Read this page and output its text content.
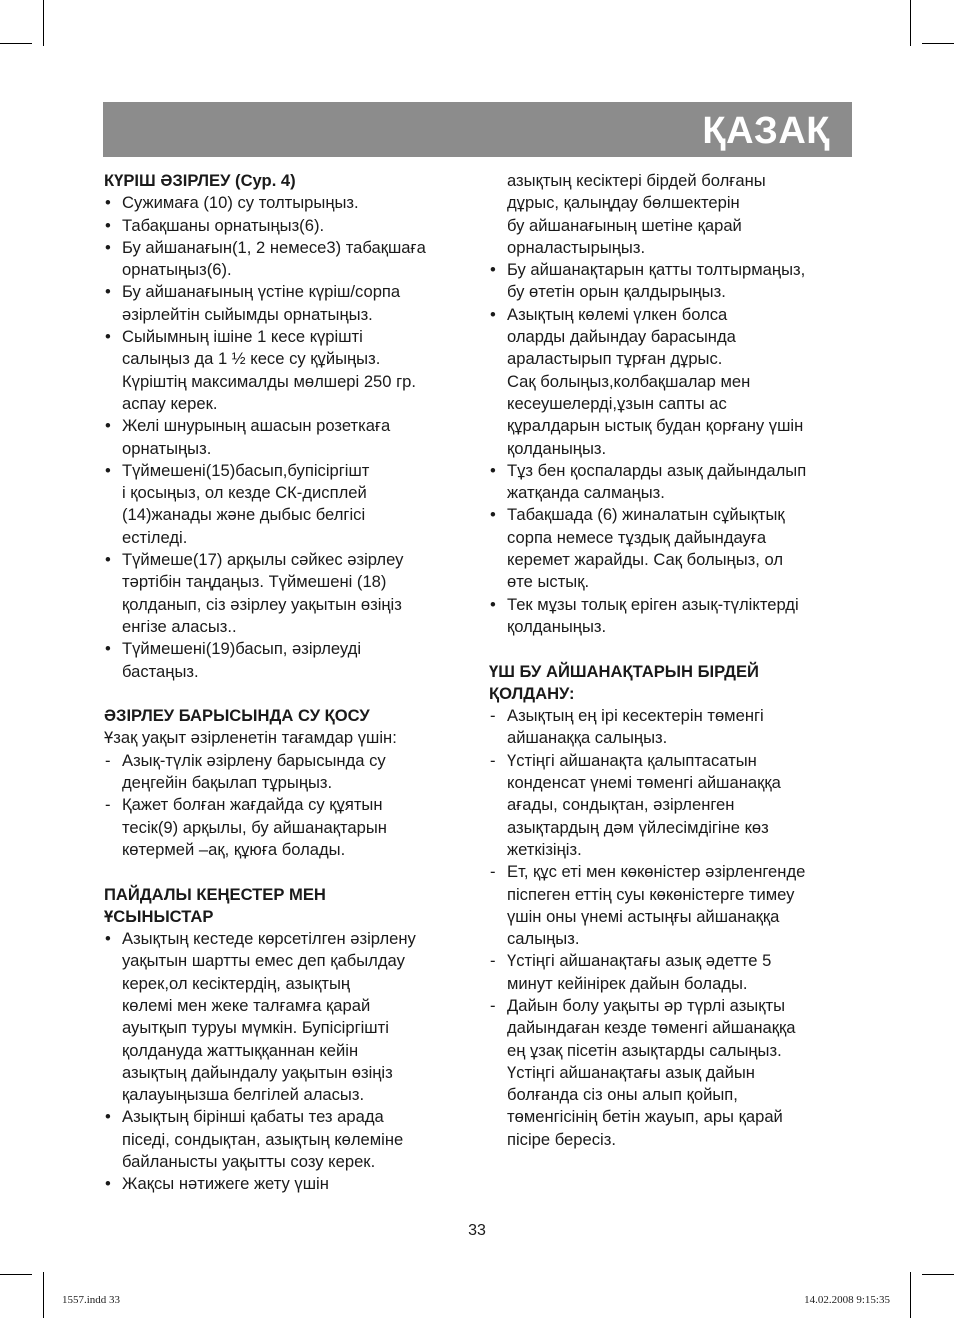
ҚАЗАҚ

КҮРІШ ӘЗІРЛЕУ (Сур. 4)

• Сужимаға (10) су толтырыңыз.
• Табақшаны орнатыңыз(6).
• Бу айшанағын(1, 2 немесе3) табақшаға
орнатыңыз(6).
• Бу айшанағының үстіне күріш/сорпа
әзірлейтін сыйымды орнатыңыз.
• Сыйымның ішіне 1 кесе күрішті
салыңыз да 1 ½ кесе су құйыңыз.
Күріштің максималды мөлшері 250 гр.
аспау керек.
• Желі шнурының ашасын розеткаға
орнатыңыз.
• Түймешені(15)басып,бупісіргішт
і қосыңыз, ол кезде СК-дисплей
(14)жанады және дыбыс белгісі
естіледі.
• Түймеше(17) арқылы сәйкес әзірлеу
тәртібін таңдаңыз. Түймешені (18)
қолданып, сіз әзірлеу уақытын өзіңіз
енгізе аласыз..
• Түймешені(19)басып, әзірлеуді
бастаңыз.

ӘЗІРЛЕУ БАРЫСЫНДА СУ ҚОСУ

Ұзақ уақыт әзірленетін тағамдар үшін:

- Азық-түлік әзірлену барысында су
деңгейін бақылап тұрыңыз.
- Қажет болған жағдайда су құятын
тесік(9) арқылы, бу айшанақтарын
көтермей –ақ, құюға болады.

ПАЙДАЛЫ КЕҢЕСТЕР МЕН
ҰСЫНЫСТАР

• Азықтың кестеде көрсетілген әзірлену
уақытын шартты емес деп қабылдау
керек,ол кесіктердің, азықтың
көлемі мен жеке талғамға қарай
ауытқып туруы мүмкін. Бупісіргішті
қолдануда жаттыққаннан кейін
азықтың дайындалу уақытын өзіңіз
қалауыңызша белгілей аласыз.
• Азықтың бірінші қабаты тез арада
піседі, сондықтан, азықтың көлеміне
байланысты уақытты созу керек.
• Жақсы нәтижеге жету үшін
азықтың кесіктері бірдей болғаны
дұрыс, қалыңдау бөлшектерін
бу айшанағының шетіне қарай
орналастырыңыз.
• Бу айшанақтарын қатты толтырмаңыз,
бу өтетін орын қалдырыңыз.
• Азықтың көлемі үлкен болса
оларды дайындау барасында
араластырып тұрған дұрыс.
Сақ болыңыз,колбақшалар мен
кесеушелерді,ұзын сапты ас
құралдарын ыстық будан қорғану үшін
қолданыңыз.
• Тұз бен қоспаларды азық дайындалып
жатқанда салмаңыз.
• Табақшада (6) жиналатын сұйықтық
сорпа немесе тұздық дайындауға
керемет жарайды. Сақ болыңыз, ол
өте ыстық.
• Тек мұзы толық еріген азық-түліктерді
қолданыңыз.

ҮШ БУ АЙШАНАҚТАРЫН БІРДЕЙ
ҚОЛДАНУ:

- Азықтың ең ірі кесектерін төменгі
айшанаққа салыңыз.
- Үстіңгі айшанақта қалыптасатын
конденсат үнемі төменгі айшанаққа
ағады, сондықтан, әзірленген
азықтардың дәм үйлесімдігіне көз
жеткізіңіз.
- Ет, құс еті мен көкөністер әзірленгенде
піспеген еттің суы көкөністерге тимеу
үшін оны үнемі астыңғы айшанаққа
салыңыз.
- Үстіңгі айшанақтағы азық әдетте 5
минут кейінірек дайын болады.
- Дайын болу уақыты әр түрлі азықты
дайындаған кезде төменгі айшанаққа
ең ұзақ пісетін азықтарды салыңыз.
Үстіңгі айшанақтағы азық дайын
болғанда сіз оны алып қойып,
төменгісінің бетін жауып, ары қарай
пісіре бересіз.
33
1557.indd 33	14.02.2008 9:15:35
